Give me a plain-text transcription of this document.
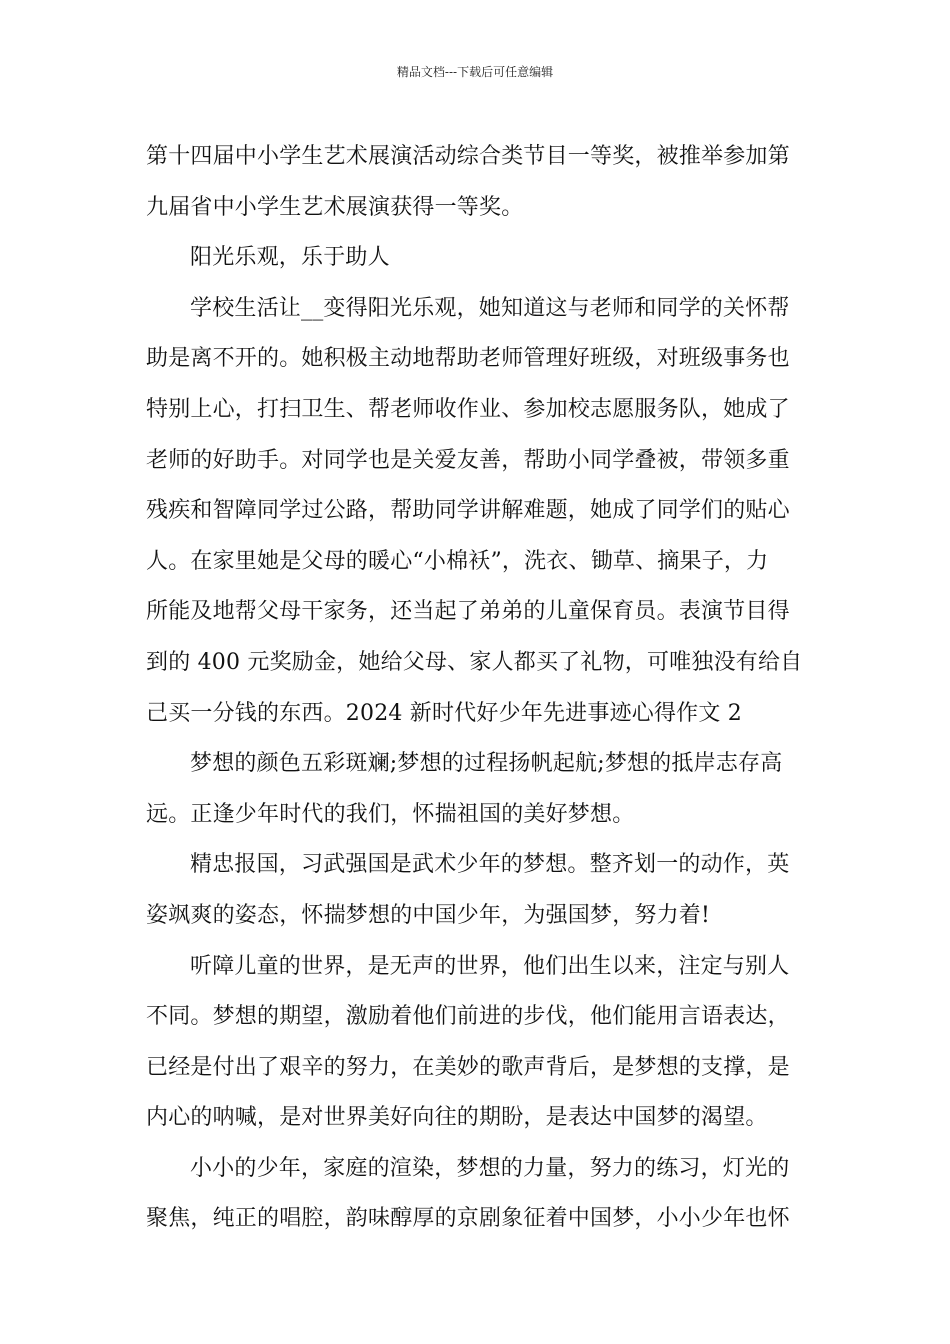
精品文档---下载后可任意编辑
第十四届中小学生艺术展演活动综合类节目一等奖，被推举参加第
九届省中小学生艺术展演获得一等奖。
阳光乐观，乐于助人
学校生活让__变得阳光乐观，她知道这与老师和同学的关怀帮
助是离不开的。她积极主动地帮助老师管理好班级，对班级事务也
特别上心，打扫卫生、帮老师收作业、参加校志愿服务队，她成了
老师的好助手。对同学也是关爱友善，帮助小同学叠被，带领多重
残疾和智障同学过公路，帮助同学讲解难题，她成了同学们的贴心
人。在家里她是父母的暖心“小棉袄”，洗衣、锄草、摘果子，力
所能及地帮父母干家务，还当起了弟弟的儿童保育员。表演节目得
到的 400 元奖励金，她给父母、家人都买了礼物，可唯独没有给自
己买一分钱的东西。2024 新时代好少年先进事迹心得作文 2
梦想的颜色五彩斑斓;梦想的过程扬帆起航;梦想的抵岸志存高
远。正逢少年时代的我们，怀揣祖国的美好梦想。
精忠报国，习武强国是武术少年的梦想。整齐划一的动作，英
姿飒爽的姿态，怀揣梦想的中国少年，为强国梦，努力着!
听障儿童的世界，是无声的世界，他们出生以来，注定与别人
不同。梦想的期望，激励着他们前进的步伐，他们能用言语表达，
已经是付出了艰辛的努力，在美妙的歌声背后，是梦想的支撑，是
内心的呐喊，是对世界美好向往的期盼，是表达中国梦的渴望。
小小的少年，家庭的渲染，梦想的力量，努力的练习，灯光的
聚焦，纯正的唱腔，韵味醇厚的京剧象征着中国梦，小小少年也怀
